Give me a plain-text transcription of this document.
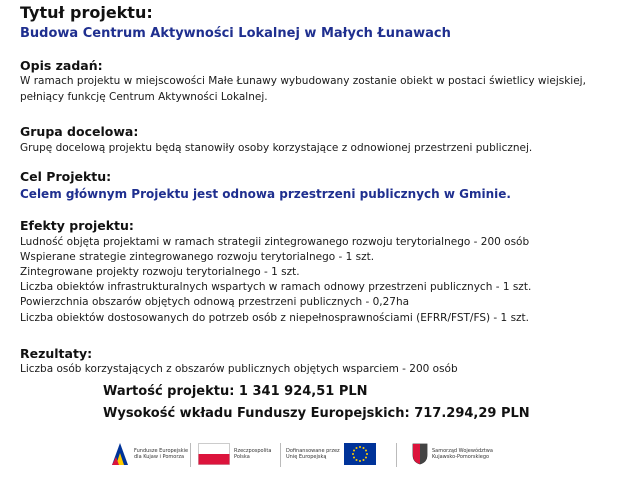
Tytuł projektu:
Budowa Centrum Aktywności Lokalnej w Małych Łunawach
Opis zadań:
W ramach projektu w miejscowości Małe Łunawy wybudowany zostanie obiekt w postaci świetlicy wiejskiej,
pełniący funkcję Centrum Aktywności Lokalnej.
Grupa docelowa:
Grupę docelową projektu będą stanowiły osoby korzystające z odnowionej przestrzeni publicznej.
Cel Projektu:
Celem głównym Projektu jest odnowa przestrzeni publicznych w Gminie.
Efekty projektu:
Ludność objęta projektami w ramach strategii zintegrowanego rozwoju terytorialnego - 200 osób
Wspierane strategie zintegrowanego rozwoju terytorialnego - 1 szt.
Zintegrowane projekty rozwoju terytorialnego - 1 szt.
Liczba obiektów infrastrukturalnych wspartych w ramach odnowy przestrzeni publicznych - 1 szt.
Powierzchnia obszarów objętych odnową przestrzeni publicznych - 0,27ha
Liczba obiektów dostosowanych do potrzeb osób z niepełnosprawnościami (EFRR/FST/FS) - 1 szt.
Rezultaty:
Liczba osób korzystających z obszarów publicznych objętych wsparciem - 200 osób
Wartość projektu: 1 341 924,51 PLN
Wysokość wkładu Funduszy Europejskich: 717.294,29 PLN
Fundusze Europejskie
dla Kujaw i Pomorza
Rzeczpospolita
Polska
Dofinansowane przez
Unię Europejską
Samorząd Województwa
Kujawsko-Pomorskiego
